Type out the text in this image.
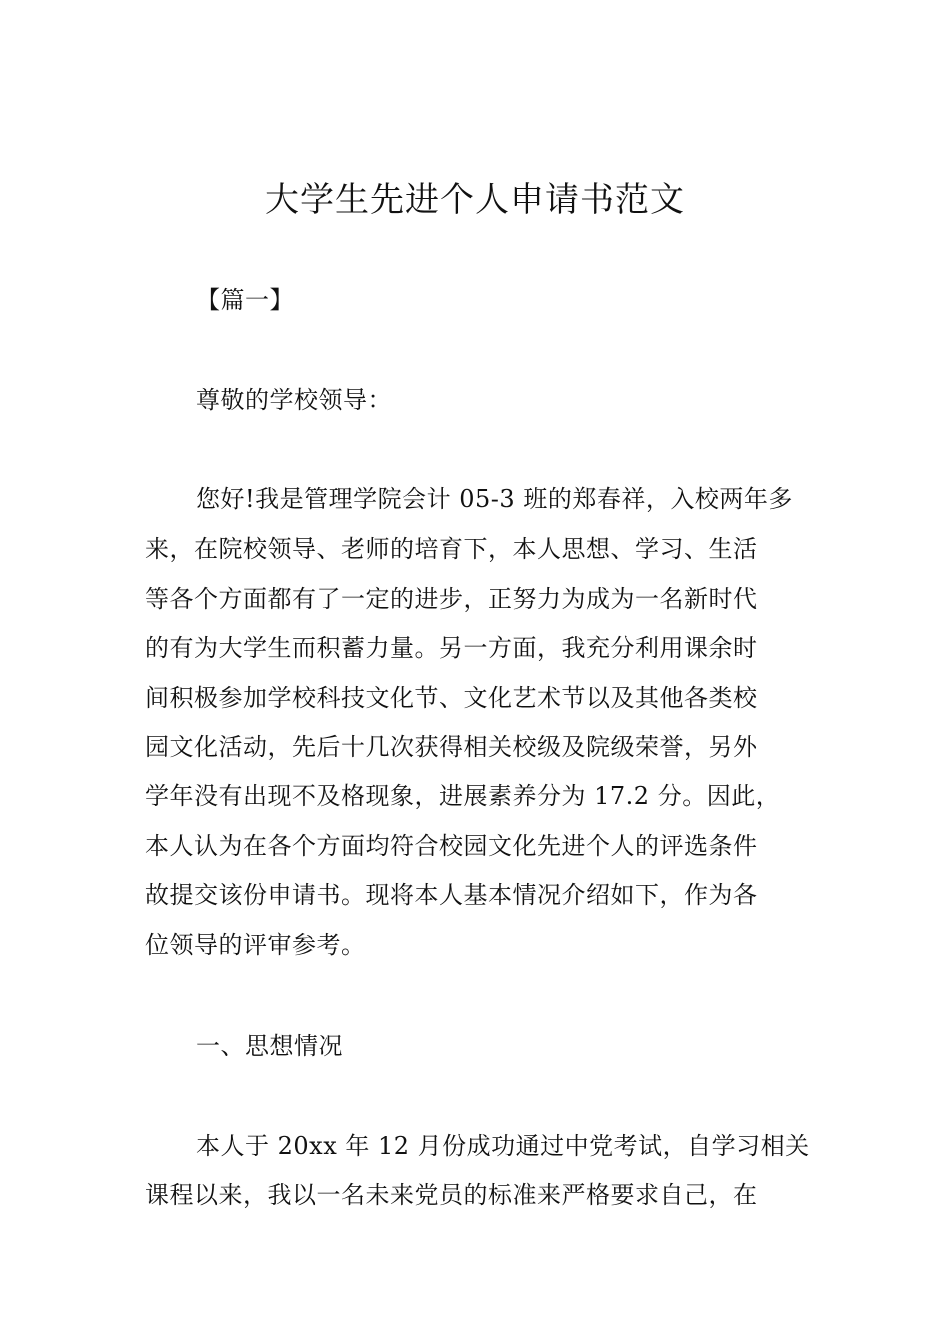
大学生先进个人申请书范文
【篇一】
尊敬的学校领导：
您好!我是管理学院会计 05-3 班的郑春祥，入校两年多
来，在院校领导、老师的培育下，本人思想、学习、生活
等各个方面都有了一定的进步，正努力为成为一名新时代
的有为大学生而积蓄力量。另一方面，我充分利用课余时
间积极参加学校科技文化节、文化艺术节以及其他各类校
园文化活动，先后十几次获得相关校级及院级荣誉，另外
学年没有出现不及格现象，进展素养分为 17.2 分。因此，
本人认为在各个方面均符合校园文化先进个人的评选条件
故提交该份申请书。现将本人基本情况介绍如下，作为各
位领导的评审参考。
一、思想情况
本人于 20xx 年 12 月份成功通过中党考试，自学习相关
课程以来，我以一名未来党员的标准来严格要求自己，在
